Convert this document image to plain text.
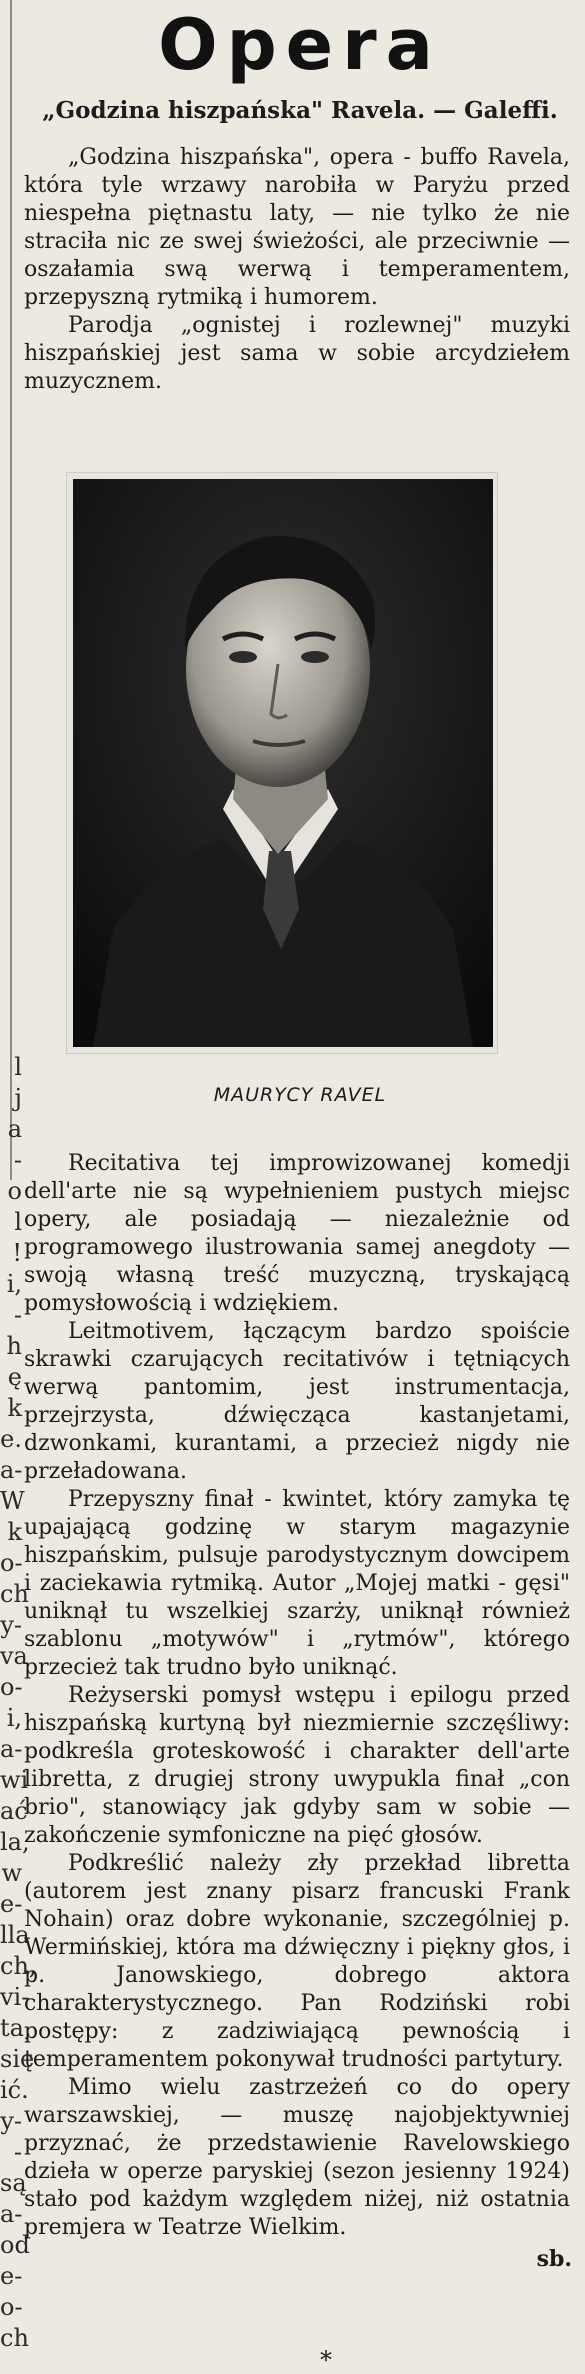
l
j
a
-
o
l
!
i,
-
h
ę
k
e.
a-
W
k
o-
ch
y-
va
o-
i,
a-
wi
ać
la,
w
e-
lla
ch,
vi-
ta,
się
ić.
y-
-
są
a-
od
e-
o-
ch
Opera
„Godzina hiszpańska" Ravela. — Galeffi.

„Godzina hiszpańska", opera - buffo Ravela, która tyle wrzawy narobiła w Paryżu przed niespełna piętnastu laty, — nie tylko że nie straciła nic ze swej świeżości, ale przeciwnie — oszałamia swą werwą i temperamentem, przepyszną rytmiką i humorem.

Parodja „ognistej i rozlewnej" muzyki hiszpańskiej jest sama w sobie arcydziełem muzycznem.

MAURYCY RAVEL

Recitativa tej improwizowanej komedji dell'arte nie są wypełnieniem pustych miejsc opery, ale posiadają — niezależnie od programowego ilustrowania samej anegdoty — swoją własną treść muzyczną, tryskającą pomysłowością i wdziękiem.

Leitmotivem, łączącym bardzo spoiście skrawki czarujących recitativów i tętniących werwą pantomim, jest instrumentacja, przejrzysta, dźwięcząca kastanjetami, dzwonkami, kurantami, a przecież nigdy nie przeładowana.

Przepyszny finał - kwintet, który zamyka tę upajającą godzinę w starym magazynie hiszpańskim, pulsuje parodystycznym dowcipem i zaciekawia rytmiką. Autor „Mojej matki - gęsi" uniknął tu wszelkiej szarży, uniknął również szablonu „motywów" i „rytmów", którego przecież tak trudno było uniknąć.

Reżyserski pomysł wstępu i epilogu przed hiszpańską kurtyną był niezmiernie szczęśliwy: podkreśla groteskowość i charakter dell'arte libretta, z drugiej strony uwypukla finał „con brio", stanowiący jak gdyby sam w sobie — zakończenie symfoniczne na pięć głosów.

Podkreślić należy zły przekład libretta (autorem jest znany pisarz francuski Frank Nohain) oraz dobre wykonanie, szczególniej p. Wermińskiej, która ma dźwięczny i piękny głos, i p. Janowskiego, dobrego aktora charakterystycznego. Pan Rodziński robi postępy: z zadziwiającą pewnością i temperamentem pokonywał trudności partytury.

Mimo wielu zastrzeżeń co do opery warszawskiej, — muszę najobjektywniej przyznać, że przedstawienie Ravelowskiego dzieła w operze paryskiej (sezon jesienny 1924) stało pod każdym względem niżej, niż ostatnia premjera w Teatrze Wielkim.

sb.
*
